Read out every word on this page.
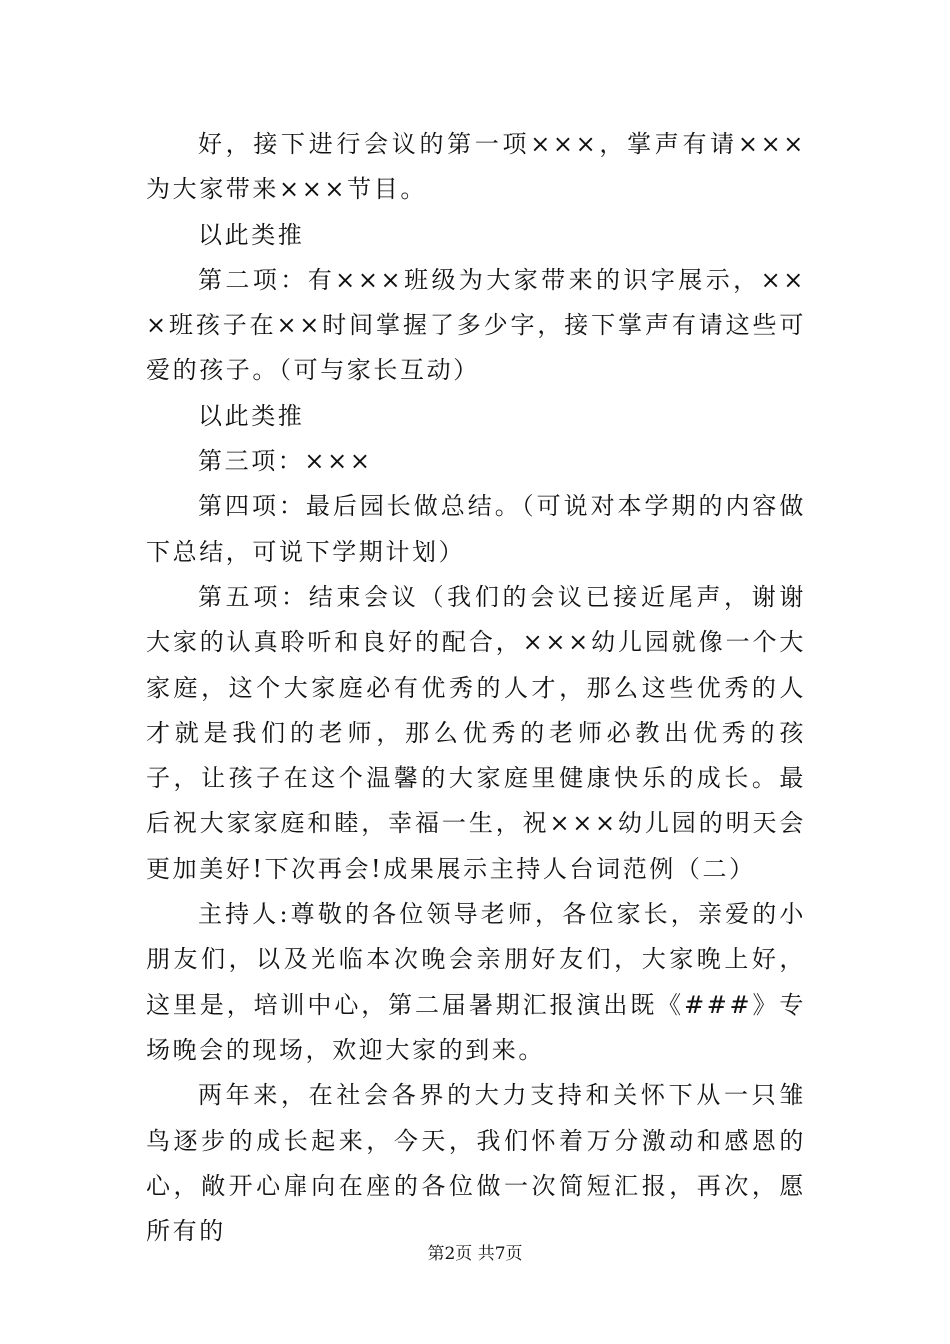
好，接下进行会议的第一项×××，掌声有请×××为大家带来×××节目。

以此类推

第二项：有×××班级为大家带来的识字展示，×××班孩子在××时间掌握了多少字，接下掌声有请这些可爱的孩子。（可与家长互动）

以此类推

第三项：×××

第四项：最后园长做总结。（可说对本学期的内容做下总结，可说下学期计划）

第五项：结束会议（我们的会议已接近尾声，谢谢大家的认真聆听和良好的配合，×××幼儿园就像一个大家庭，这个大家庭必有优秀的人才，那么这些优秀的人才就是我们的老师，那么优秀的老师必教出优秀的孩子，让孩子在这个温馨的大家庭里健康快乐的成长。最后祝大家家庭和睦，幸福一生，祝×××幼儿园的明天会更加美好!下次再会!成果展示主持人台词范例（二）

主持人:尊敬的各位领导老师，各位家长，亲爱的小朋友们，以及光临本次晚会亲朋好友们，大家晚上好，这里是，培训中心，第二届暑期汇报演出既《###》专场晚会的现场，欢迎大家的到来。

两年来，在社会各界的大力支持和关怀下从一只雏鸟逐步的成长起来，今天，我们怀着万分激动和感恩的心，敞开心扉向在座的各位做一次简短汇报，再次，愿所有的

第2页 共7页
